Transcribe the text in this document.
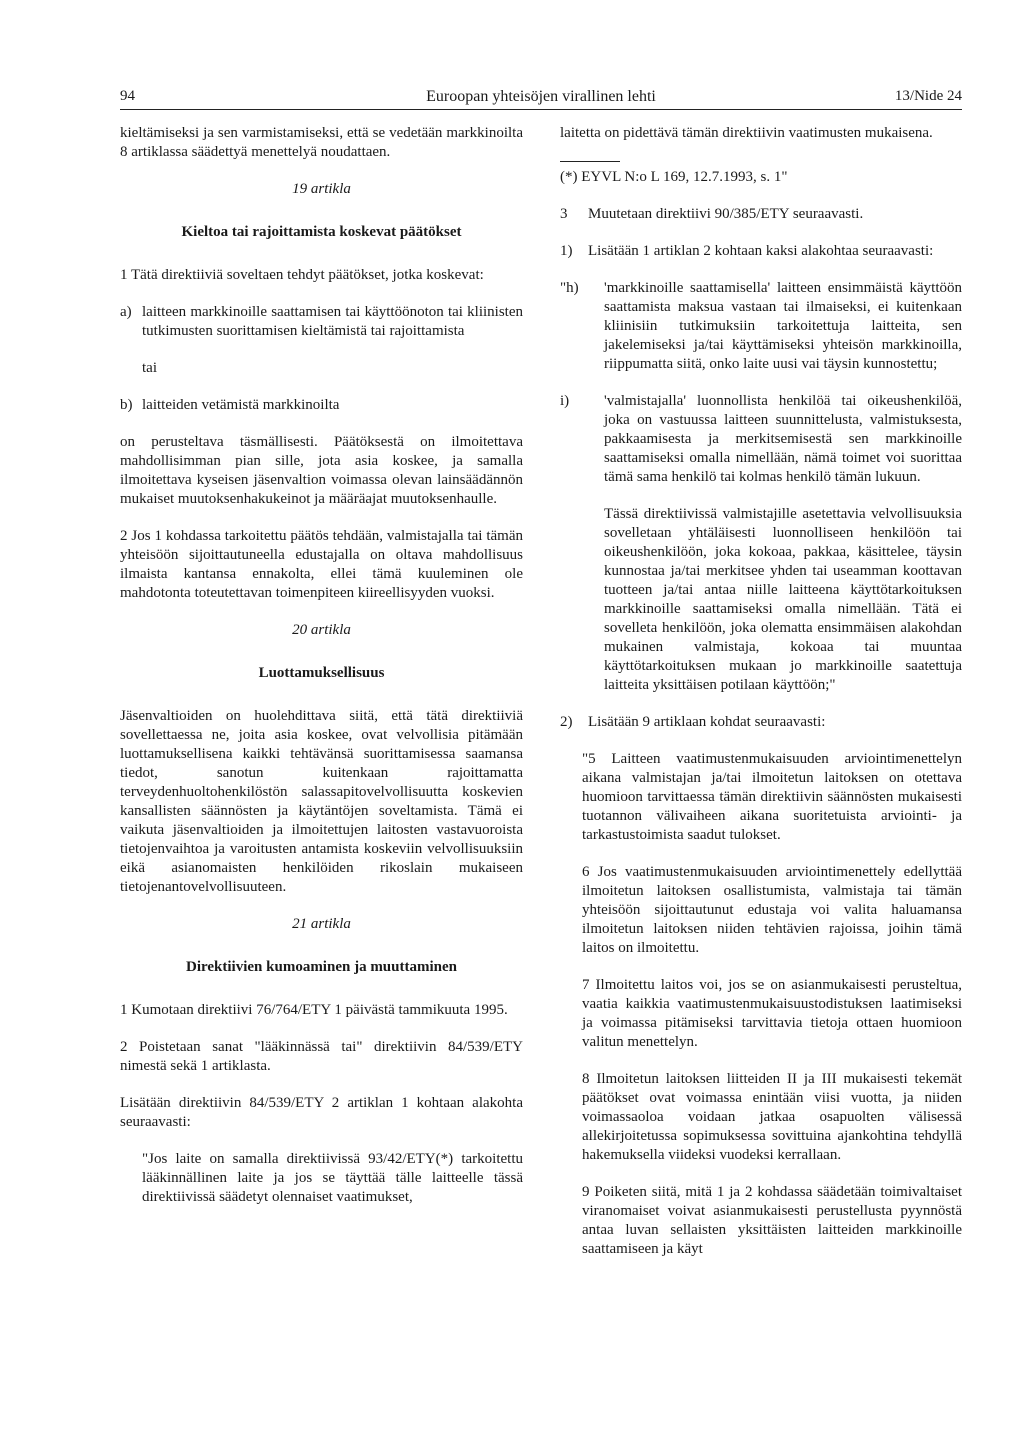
94	Euroopan yhteisöjen virallinen lehti	13/Nide 24

kieltämiseksi ja sen varmistamiseksi, että se vedetään markkinoilta 8 artiklassa säädettyä menettelyä noudattaen.

19 artikla
Kieltoa tai rajoittamista koskevat päätökset

1 Tätä direktiiviä soveltaen tehdyt päätökset, jotka koskevat:

a) laitteen markkinoille saattamisen tai käyttöönoton tai kliinisten tutkimusten suorittamisen kieltämistä tai rajoittamista

tai

b) laitteiden vetämistä markkinoilta

on perusteltava täsmällisesti. Päätöksestä on ilmoitettava mahdollisimman pian sille, jota asia koskee, ja samalla ilmoitettava kyseisen jäsenvaltion voimassa olevan lainsäädännön mukaiset muutoksenhakukeinot ja määräajat muutoksenhaulle.

2 Jos 1 kohdassa tarkoitettu päätös tehdään, valmistajalla tai tämän yhteisöön sijoittautuneella edustajalla on oltava mahdollisuus ilmaista kantansa ennakolta, ellei tämä kuuleminen ole mahdotonta toteutettavan toimenpiteen kiireellisyyden vuoksi.

20 artikla
Luottamuksellisuus

Jäsenvaltioiden on huolehdittava siitä, että tätä direktiiviä sovellettaessa ne, joita asia koskee, ovat velvollisia pitämään luottamuksellisena kaikki tehtävänsä suorittamisessa saamansa tiedot, sanotun kuitenkaan rajoittamatta terveydenhuoltohenkilöstön salassapitovelvollisuutta koskevien kansallisten säännösten ja käytäntöjen soveltamista. Tämä ei vaikuta jäsenvaltioiden ja ilmoitettujen laitosten vastavuoroista tietojenvaihtoa ja varoitusten antamista koskeviin velvollisuuksiin eikä asianomaisten henkilöiden rikoslain mukaiseen tietojenantovelvollisuuteen.

21 artikla
Direktiivien kumoaminen ja muuttaminen

1 Kumotaan direktiivi 76/764/ETY 1 päivästä tammikuuta 1995.

2 Poistetaan sanat "lääkinnässä tai" direktiivin 84/539/ETY nimestä sekä 1 artiklasta.

Lisätään direktiivin 84/539/ETY 2 artiklan 1 kohtaan alakohta seuraavasti:

"Jos laite on samalla direktiivissä 93/42/ETY(*) tarkoitettu lääkinnällinen laite ja jos se täyttää tälle laitteelle tässä direktiivissä säädetyt olennaiset vaatimukset,

laitetta on pidettävä tämän direktiivin vaatimusten mukaisena.

(*) EYVL N:o L 169, 12.7.1993, s. 1"

3	Muutetaan direktiivi 90/385/ETY seuraavasti.
1)	Lisätään 1 artiklan 2 kohtaan kaksi alakohtaa seuraavasti:
"h)	'markkinoille saattamisella' laitteen ensimmäistä käyttöön saattamista maksua vastaan tai ilmaiseksi, ei kuitenkaan kliinisiin tutkimuksiin tarkoitettuja laitteita, sen jakelemiseksi ja/tai käyttämiseksi yhteisön markkinoilla, riippumatta siitä, onko laite uusi vai täysin kunnostettu;
i)	'valmistajalla' luonnollista henkilöä tai oikeushenkilöä, joka on vastuussa laitteen suunnittelusta, valmistuksesta, pakkaamisesta ja merkitsemisestä sen markkinoille saattamiseksi omalla nimellään, nämä toimet voi suorittaa tämä sama henkilö tai kolmas henkilö tämän lukuun.
Tässä direktiivissä valmistajille asetettavia velvollisuuksia sovelletaan yhtäläisesti luonnolliseen henkilöön tai oikeushenkilöön, joka kokoaa, pakkaa, käsittelee, täysin kunnostaa ja/tai merkitsee yhden tai useamman koottavan tuotteen ja/tai antaa niille laitteena käyttötarkoituksen markkinoille saattamiseksi omalla nimellään. Tätä ei sovelleta henkilöön, joka olematta ensimmäisen alakohdan mukainen valmistaja, kokoaa tai muuntaa käyttötarkoituksen mukaan jo markkinoille saatettuja laitteita yksittäisen potilaan käyttöön;"
2)	Lisätään 9 artiklaan kohdat seuraavasti:

"5 Laitteen vaatimustenmukaisuuden arviointimenettelyn aikana valmistajan ja/tai ilmoitetun laitoksen on otettava huomioon tarvittaessa tämän direktiivin säännösten mukaisesti tuotannon välivaiheen aikana suoritetuista arviointi- ja tarkastustoimista saadut tulokset.

6 Jos vaatimustenmukaisuuden arviointimenettely edellyttää ilmoitetun laitoksen osallistumista, valmistaja tai tämän yhteisöön sijoittautunut edustaja voi valita haluamansa ilmoitetun laitoksen niiden tehtävien rajoissa, joihin tämä laitos on ilmoitettu.

7 Ilmoitettu laitos voi, jos se on asianmukaisesti perusteltua, vaatia kaikkia vaatimustenmukaisuustodistuksen laatimiseksi ja voimassa pitämiseksi tarvittavia tietoja ottaen huomioon valitun menettelyn.

8 Ilmoitetun laitoksen liitteiden II ja III mukaisesti tekemät päätökset ovat voimassa enintään viisi vuotta, ja niiden voimassaoloa voidaan jatkaa osapuolten välisessä allekirjoitetussa sopimuksessa sovittuina ajankohtina tehdyllä hakemuksella viideksi vuodeksi kerrallaan.

9 Poiketen siitä, mitä 1 ja 2 kohdassa säädetään toimivaltaiset viranomaiset voivat asianmukaisesti perustellusta pyynnöstä antaa luvan sellaisten yksittäisten laitteiden markkinoille saattamiseen ja käyt
